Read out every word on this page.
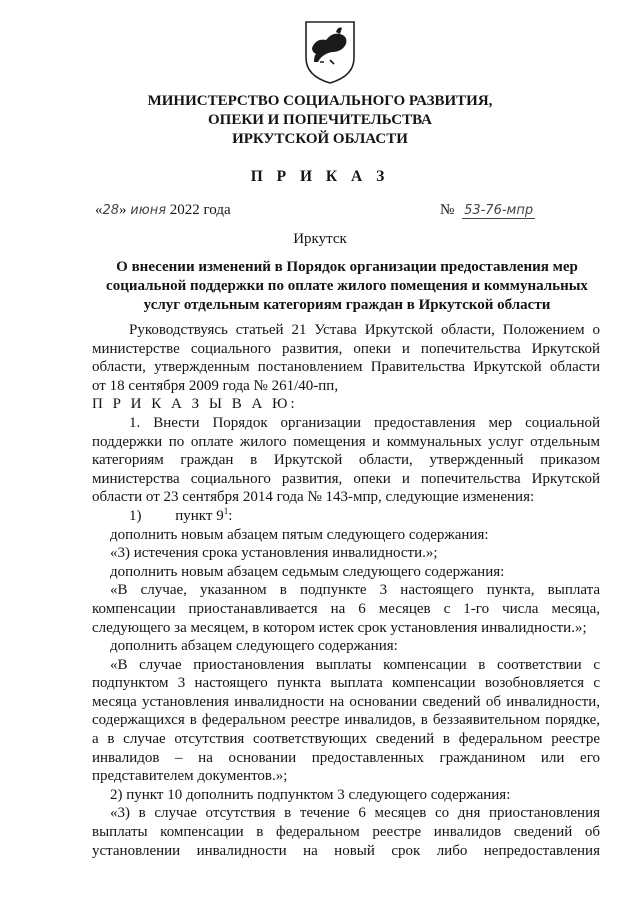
МИНИСТЕРСТВО СОЦИАЛЬНОГО РАЗВИТИЯ,
ОПЕКИ И ПОПЕЧИТЕЛЬСТВА
ИРКУТСКОЙ ОБЛАСТИ
П Р И К А З
«28» июня 2022 года	№ 53-76-мпр
Иркутск
О внесении изменений в Порядок организации предоставления мер
социальной поддержки по оплате жилого помещения и коммунальных
услуг отдельным категориям граждан в Иркутской области
Руководствуясь статьей 21 Устава Иркутской области, Положением о
министерстве социального развития, опеки и попечительства Иркутской
области, утвержденным постановлением Правительства Иркутской области
от 18 сентября 2009 года № 261/40-пп,
П Р И К А З Ы В А Ю:
1. Внести Порядок организации предоставления мер социальной
поддержки по оплате жилого помещения и коммунальных услуг отдельным
категориям граждан в Иркутской области, утвержденный приказом
министерства социального развития, опеки и попечительства Иркутской
области от 23 сентября 2014 года № 143-мпр, следующие изменения:
1) пункт $9^1$:
дополнить новым абзацем пятым следующего содержания:
«3) истечения срока установления инвалидности.»;
дополнить новым абзацем седьмым следующего содержания:
«В случае, указанном в подпункте 3 настоящего пункта, выплата
компенсации приостанавливается на 6 месяцев с 1-го числа месяца,
следующего за месяцем, в котором истек срок установления инвалидности.»;
дополнить абзацем следующего содержания:
«В случае приостановления выплаты компенсации в соответствии с
подпунктом 3 настоящего пункта выплата компенсации возобновляется с
месяца установления инвалидности на основании сведений об инвалидности,
содержащихся в федеральном реестре инвалидов, в беззаявительном порядке,
а в случае отсутствия соответствующих сведений в федеральном реестре
инвалидов – на основании предоставленных гражданином или его
представителем документов.»;
2) пункт 10 дополнить подпунктом 3 следующего содержания:
«3) в случае отсутствия в течение 6 месяцев со дня приостановления
выплаты компенсации в федеральном реестре инвалидов сведений об
установлении инвалидности на новый срок либо непредоставления
